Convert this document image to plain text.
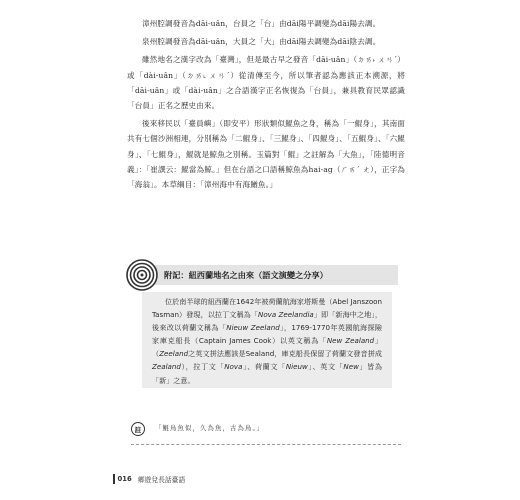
漳州腔調發音為dāi-uân，台員之「台」由dāi陽平調變為dāi陽去調。

泉州腔調發音為dāi-uân，大員之「大」由dāi陽去調變為dāi陰去調。

雖然地名之漢字改為「臺灣」，但是最古早之發音「dāi-uân」（ㄉㄞ˫ ㄨㄢˊ）或「dài-uân」（ㄉㄞ˪ ㄨㄢˊ）從清傳至今，所以筆者認為應該正本溯源，將「dāi-uân」或「dài-uân」之合語漢字正名恢復為「台員」，兼具教育民眾認識「台員」正名之歷史由來。

後來移民以「臺員嶼」（即安平）形狀類似鯤魚之身，稱為「一鯤身」，其南面共有七個沙洲相連，分別稱為「二鯤身」、「三鯤身」、「四鯤身」、「五鯤身」、「六鯤身」、「七鯤身」，鯤就是鯨魚之別稱。玉篇對「鯤」之註解為「大魚」，「陸德明音義」：「崔譔云：鯤當為鯨。」但在台語之口語稱鯨魚為hai-ag（ㄏㄞˊ ㄤ），正字為「海翁」。本草綱目：「漳州海中有海鰌魚。」

附記：紐西蘭地名之由來（語文演變之分享）

位於南半球的紐西蘭在1642年被荷蘭航海家塔斯曼（Abel Janszoon Tasman）發現，以拉丁文稱為「Nova Zeelandia」即「新海中之地」，後來改以荷蘭文稱為「Nieuw Zeeland」，1769-1770年英國航海探險家庫克船長（Captain James Cook）以英文稱為「New Zealand」（Zeeland之英文拼法應該是Sealand，庫克船長保留了荷蘭文發音拼成Zealand），拉丁文「Nova」、荷蘭文「Nieuw」、英文「New」皆為「新」之意。

註	「鯤鳥魚似，久為魚，古為鳥。」
016 鄉遊兌長話臺語
